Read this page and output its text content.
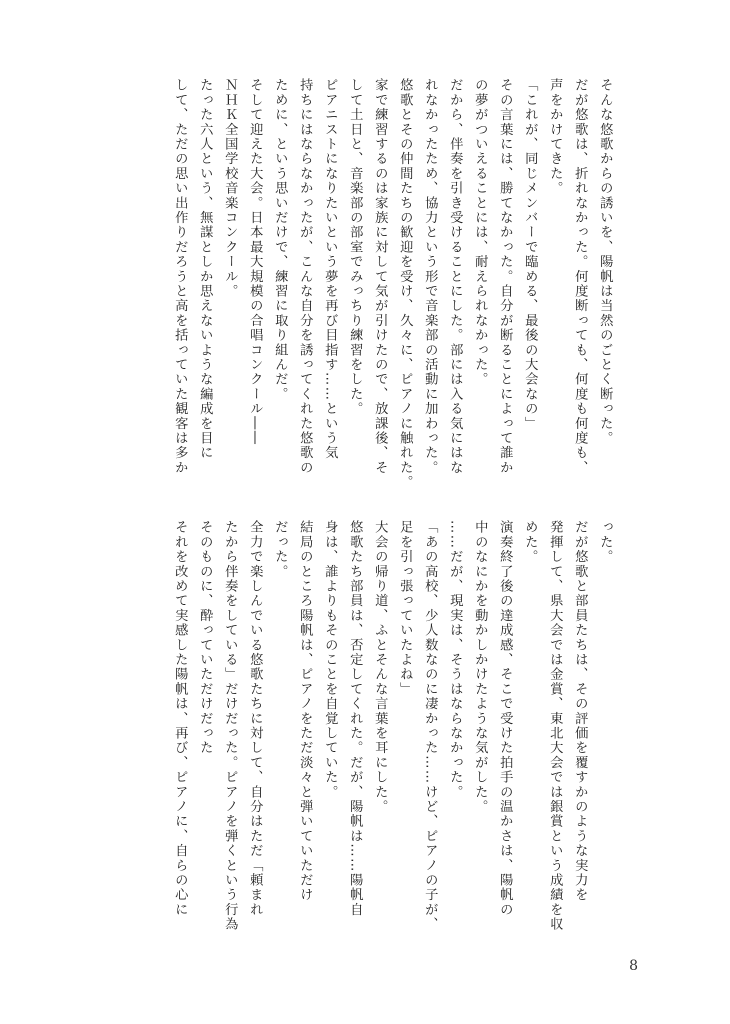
そんな悠歌からの誘いを、陽帆は当然のごとく断った。
だが悠歌は、折れなかった。何度断っても、何度も何度も、
声をかけてきた。
「これが、同じメンバーで臨める、最後の大会なの」
その言葉には、勝てなかった。自分が断ることによって誰か
の夢がついえることには、耐えられなかった。
だから、伴奏を引き受けることにした。部には入る気にはな
れなかったため、協力という形で音楽部の活動に加わった。
悠歌とその仲間たちの歓迎を受け、久々に、ピアノに触れた。
家で練習するのは家族に対して気が引けたので、放課後、そ
して土日と、音楽部の部室でみっちり練習をした。
ピアニストになりたいという夢を再び目指す……という気
持ちにはならなかったが、こんな自分を誘ってくれた悠歌の
ために、という思いだけで、練習に取り組んだ。
そして迎えた大会。日本最大規模の合唱コンクール――
ＮＨＫ全国学校音楽コンクール。
たった六人という、無謀としか思えないような編成を目に
して、ただの思い出作りだろうと高を括っていた観客は多か
った。
だが悠歌と部員たちは、その評価を覆すかのような実力を
発揮して、県大会では金賞、東北大会では銀賞という成績を収
めた。
演奏終了後の達成感、そこで受けた拍手の温かさは、陽帆の
中のなにかを動かしかけたような気がした。
……だが、現実は、そうはならなかった。
「あの高校、少人数なのに凄かった……けど、ピアノの子が、
足を引っ張っていたよね」
大会の帰り道、ふとそんな言葉を耳にした。
悠歌たち部員は、否定してくれた。だが、陽帆は……陽帆自
身は、誰よりもそのことを自覚していた。
結局のところ陽帆は、ピアノをただ淡々と弾いていただけ
だった。
全力で楽しんでいる悠歌たちに対して、自分はただ「頼まれ
たから伴奏をしている」だけだった。ピアノを弾くという行為
そのものに、酔っていただけだった
それを改めて実感した陽帆は、再び、ピアノに、自らの心に
8
